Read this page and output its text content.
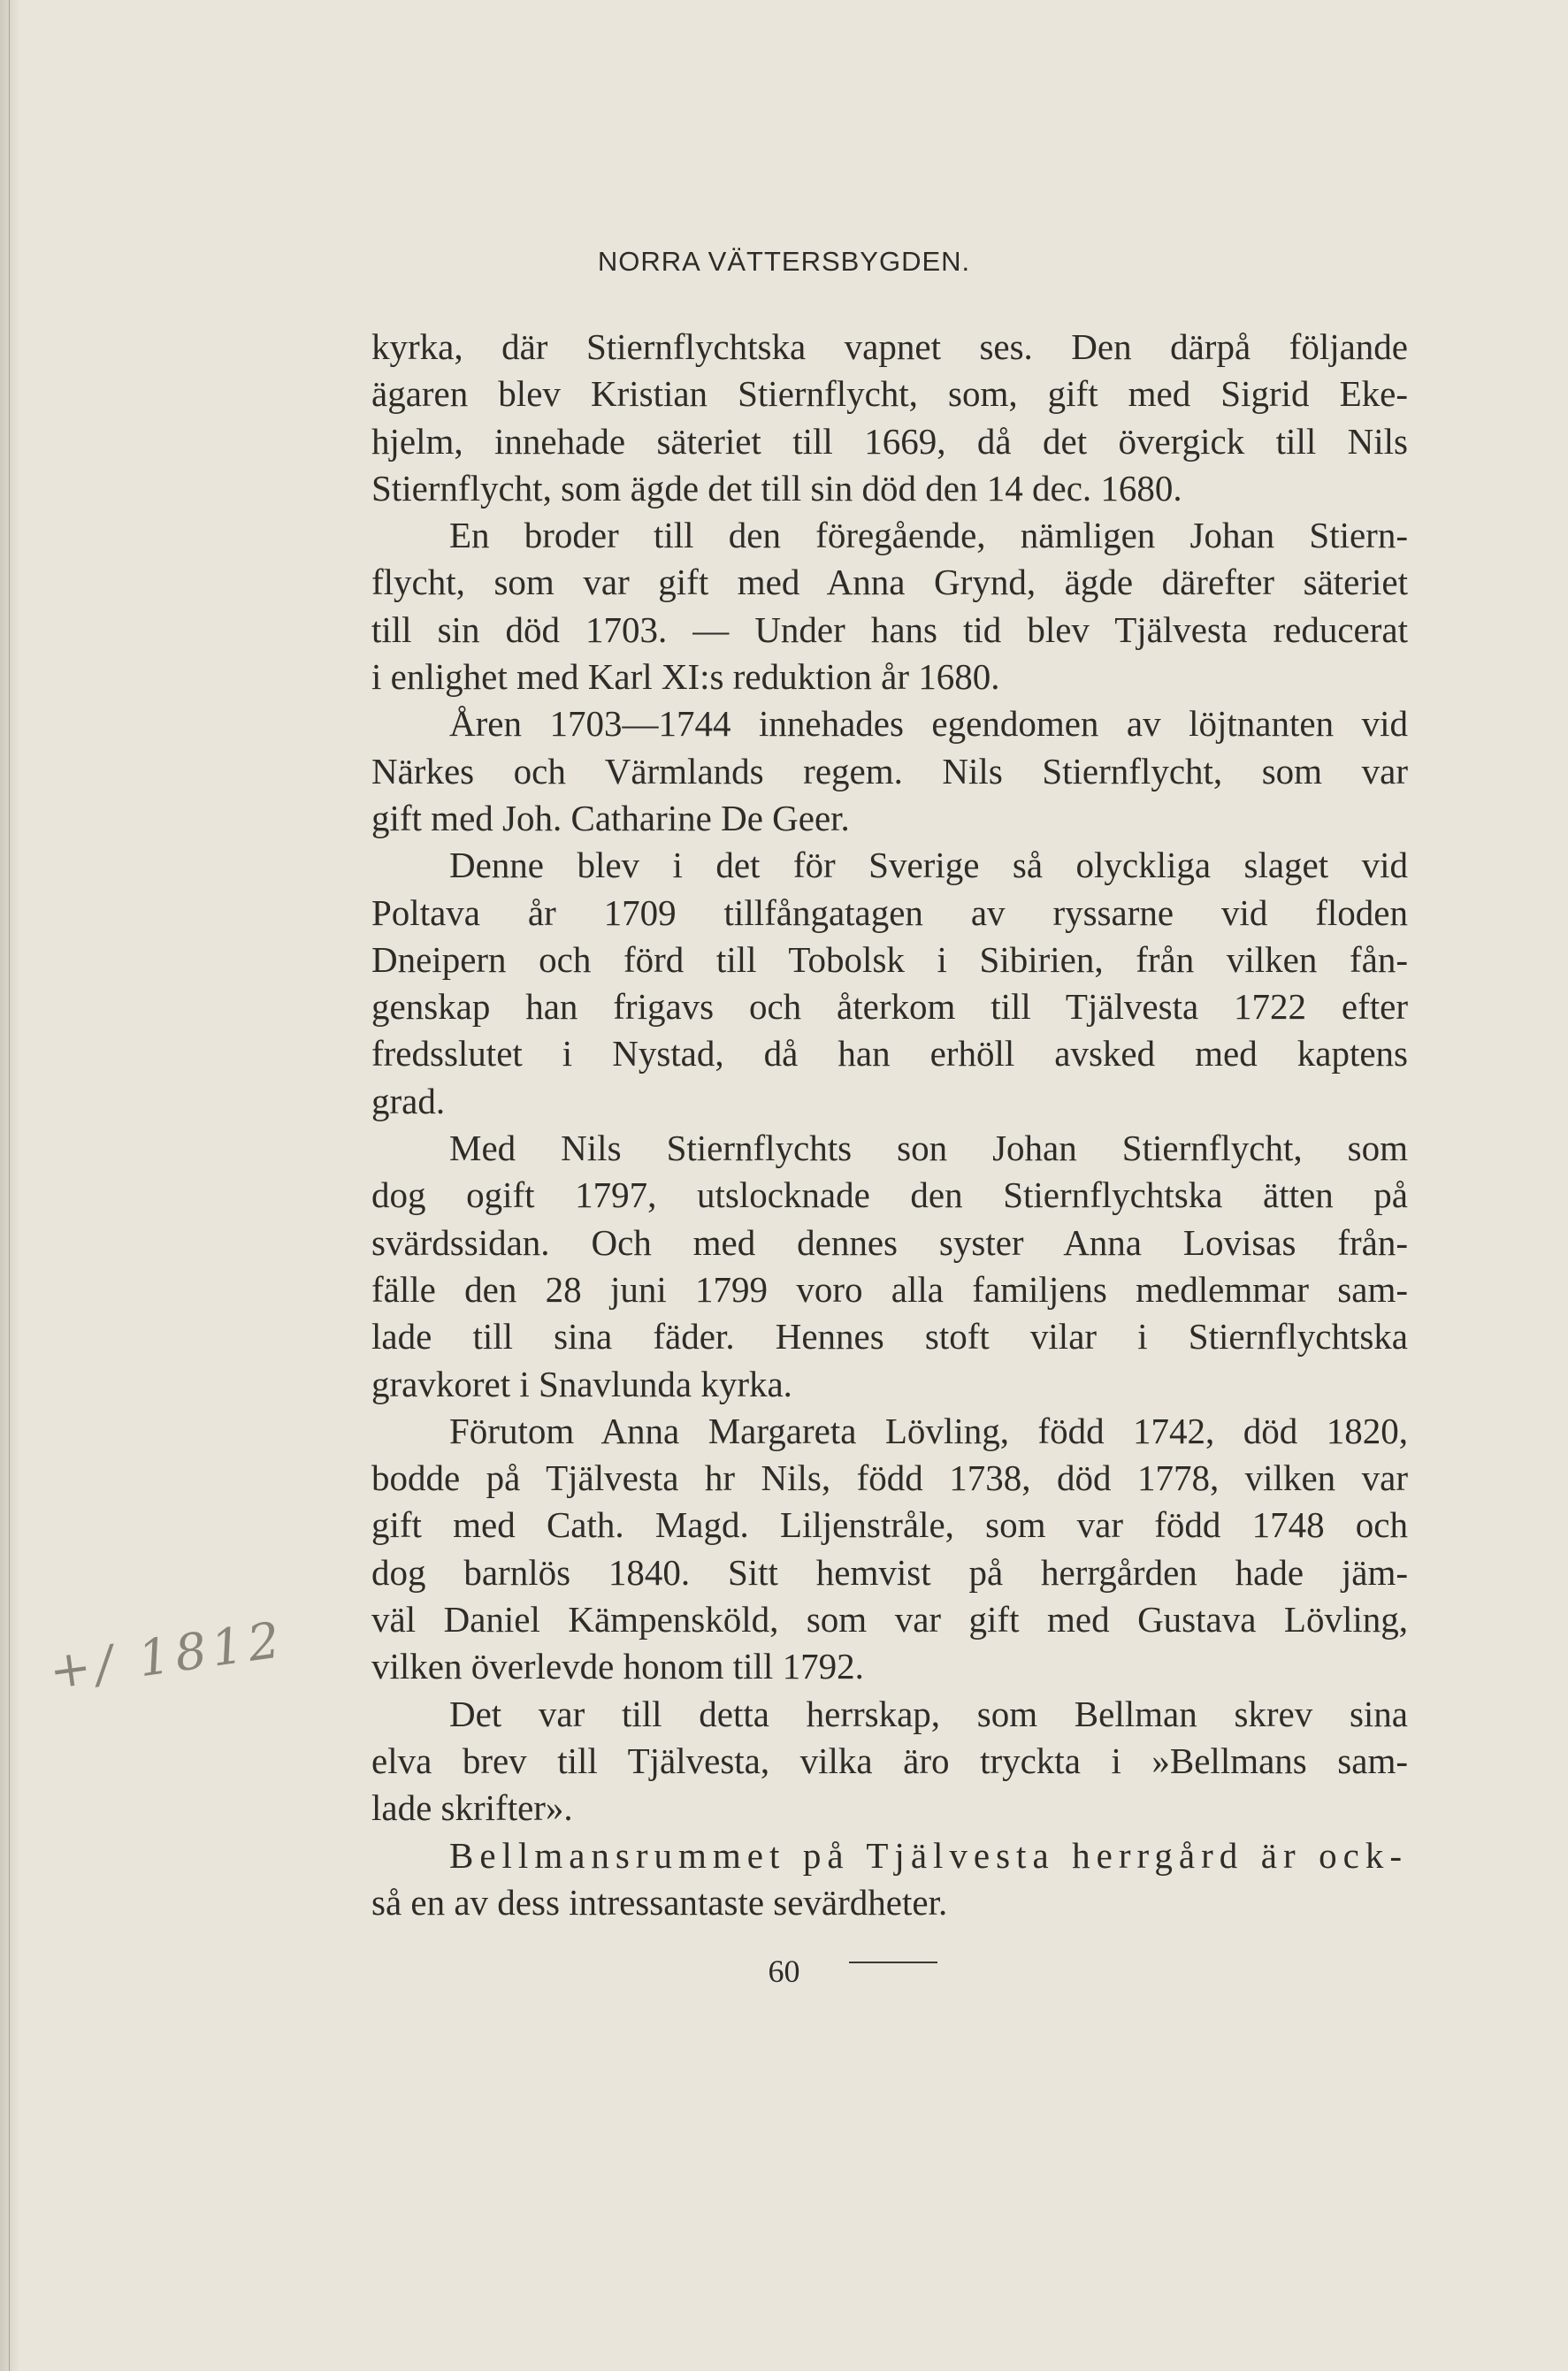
NORRA VÄTTERSBYGDEN.
kyrka, där Stiernflychtska vapnet ses. Den därpå följande
ägaren blev Kristian Stiernflycht, som, gift med Sigrid Eke-
hjelm, innehade säteriet till 1669, då det övergick till Nils
Stiernflycht, som ägde det till sin död den 14 dec. 1680.
En broder till den föregående, nämligen Johan Stiern-
flycht, som var gift med Anna Grynd, ägde därefter säteriet
till sin död 1703. — Under hans tid blev Tjälvesta reducerat
i enlighet med Karl XI:s reduktion år 1680.
Åren 1703—1744 innehades egendomen av löjtnanten vid
Närkes och Värmlands regem. Nils Stiernflycht, som var
gift med Joh. Catharine De Geer.
Denne blev i det för Sverige så olyckliga slaget vid
Poltava år 1709 tillfångatagen av ryssarne vid floden
Dneipern och förd till Tobolsk i Sibirien, från vilken fån-
genskap han frigavs och återkom till Tjälvesta 1722 efter
fredsslutet i Nystad, då han erhöll avsked med kaptens
grad.
Med Nils Stiernflychts son Johan Stiernflycht, som
dog ogift 1797, utslocknade den Stiernflychtska ätten på
svärdssidan. Och med dennes syster Anna Lovisas från-
fälle den 28 juni 1799 voro alla familjens medlemmar sam-
lade till sina fäder. Hennes stoft vilar i Stiernflychtska
gravkoret i Snavlunda kyrka.
Förutom Anna Margareta Lövling, född 1742, död 1820,
bodde på Tjälvesta hr Nils, född 1738, död 1778, vilken var
gift med Cath. Magd. Liljenstråle, som var född 1748 och
dog barnlös 1840. Sitt hemvist på herrgården hade jäm-
väl Daniel Kämpensköld, som var gift med Gustava Lövling,
vilken överlevde honom till 1792.
Det var till detta herrskap, som Bellman skrev sina
elva brev till Tjälvesta, vilka äro tryckta i »Bellmans sam-
lade skrifter».
Bellmansrummet på Tjälvesta herrgård är ock-
så en av dess intressantaste sevärdheter.
+/ 1812
60
